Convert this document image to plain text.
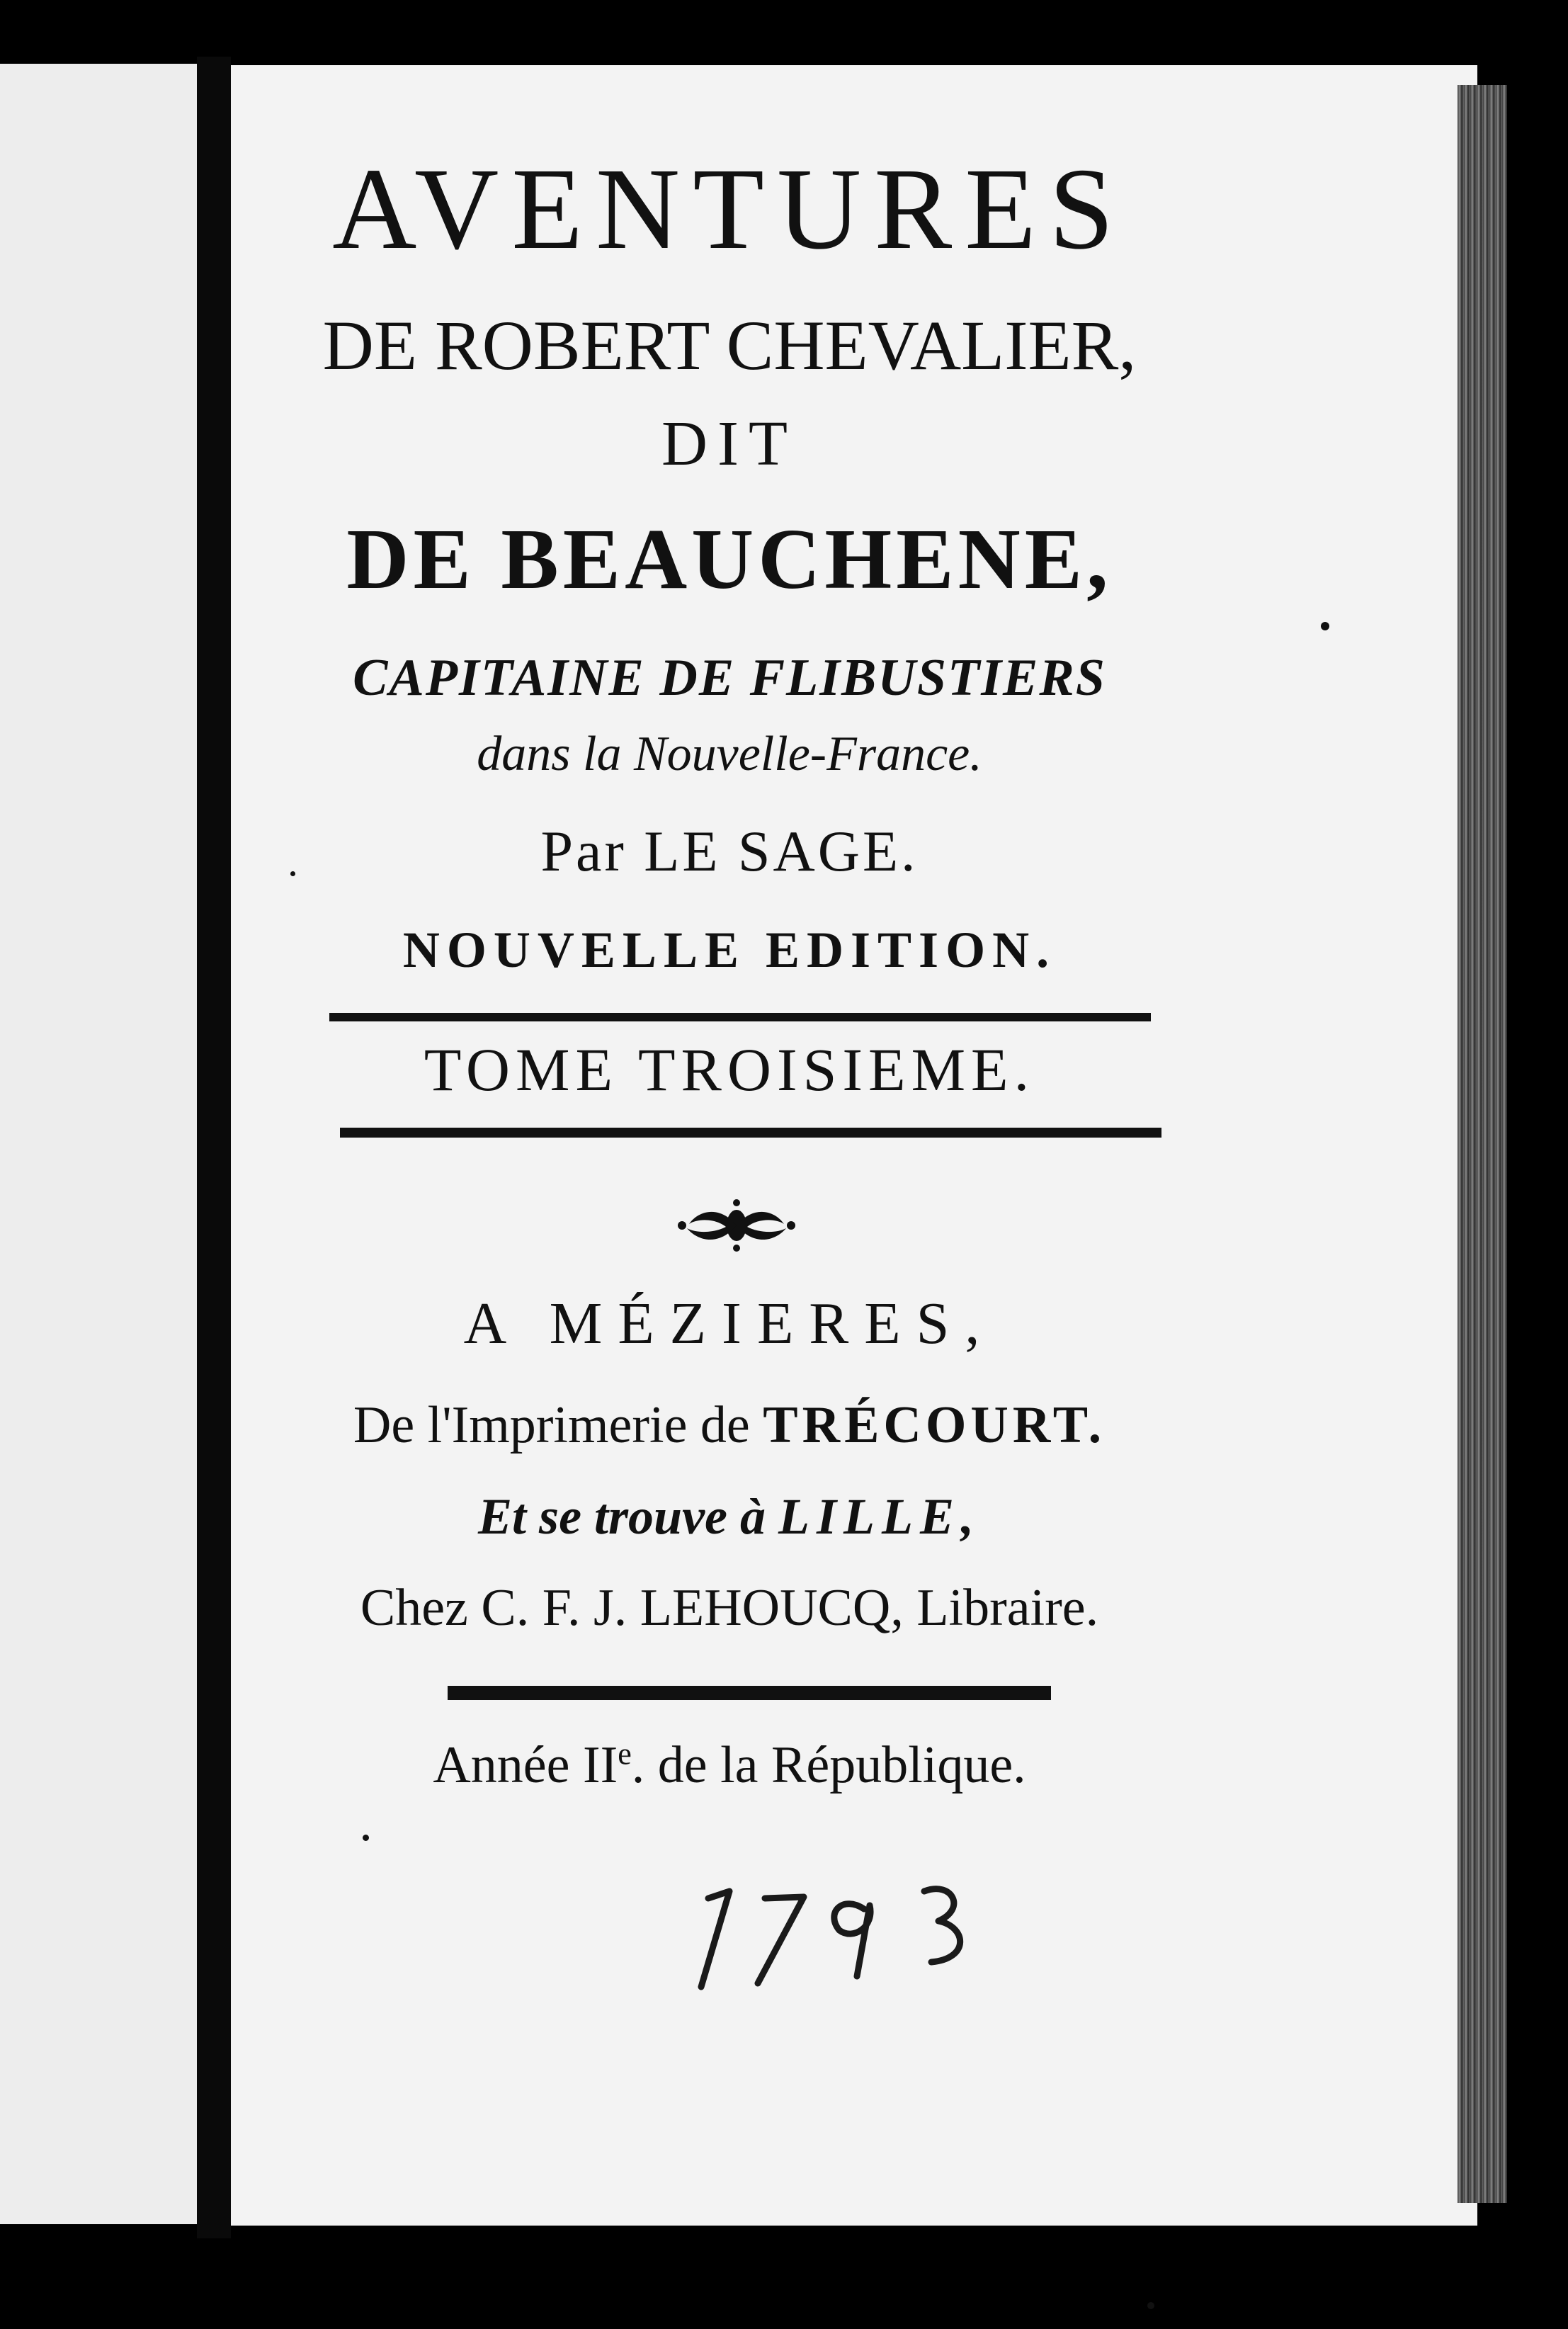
AVENTURES
DE ROBERT CHEVALIER,
DIT
DE BEAUCHENE,
CAPITAINE DE FLIBUSTIERS
dans la Nouvelle-France.
Par LE SAGE.
NOUVELLE EDITION.
TOME TROISIEME.
A MÉZIERES,
De l'Imprimerie de TRÉCOURT.
Et se trouve à LILLE,
Chez C. F. J. LEHOUCQ, Libraire.
Année IIe. de la République.
